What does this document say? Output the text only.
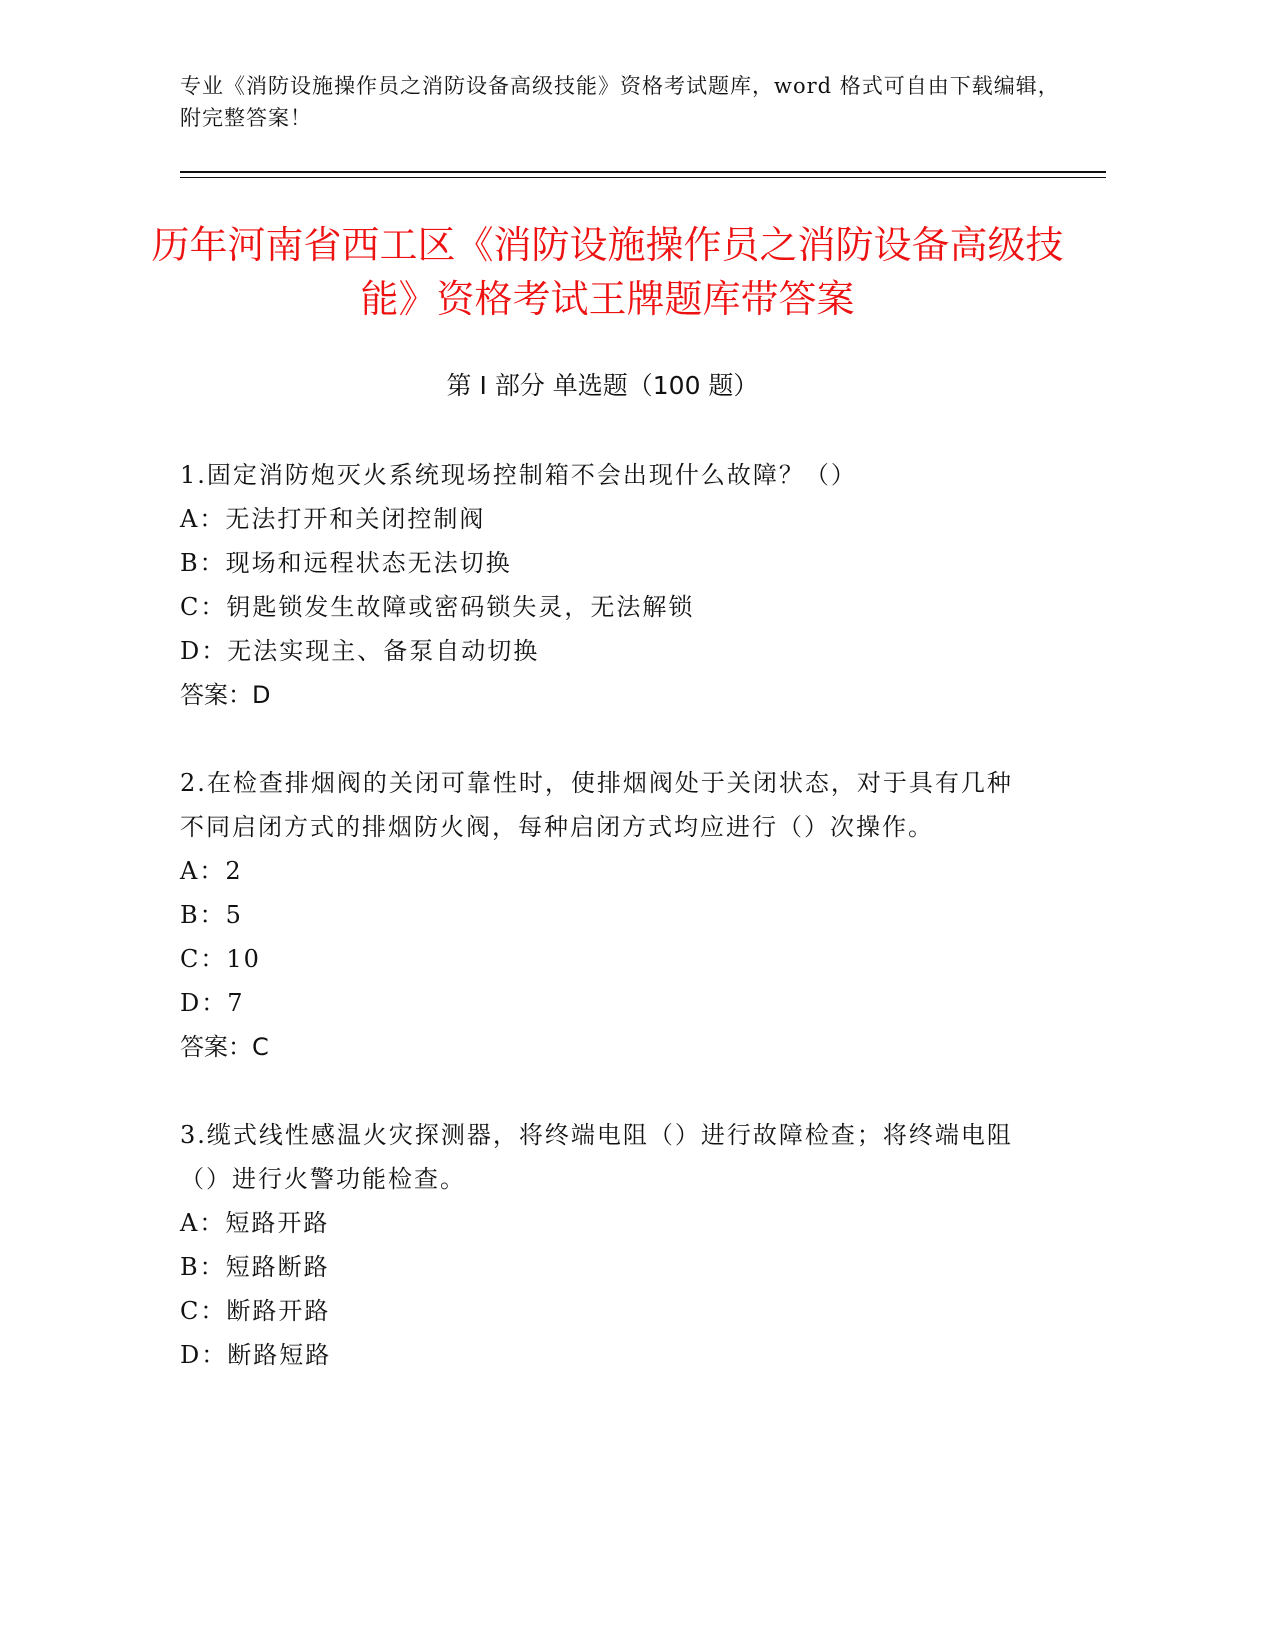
专业《消防设施操作员之消防设备高级技能》资格考试题库，word 格式可自由下载编辑，附完整答案！
历年河南省西工区《消防设施操作员之消防设备高级技能》资格考试王牌题库带答案
第 I 部分 单选题（100 题）
1.固定消防炮灭火系统现场控制箱不会出现什么故障？（）
A：无法打开和关闭控制阀
B：现场和远程状态无法切换
C：钥匙锁发生故障或密码锁失灵，无法解锁
D：无法实现主、备泵自动切换
答案：D
2.在检查排烟阀的关闭可靠性时，使排烟阀处于关闭状态，对于具有几种不同启闭方式的排烟防火阀，每种启闭方式均应进行（）次操作。
A：2
B：5
C：10
D：7
答案：C
3.缆式线性感温火灾探测器，将终端电阻（）进行故障检查；将终端电阻（）进行火警功能检查。
A：短路开路
B：短路断路
C：断路开路
D：断路短路
